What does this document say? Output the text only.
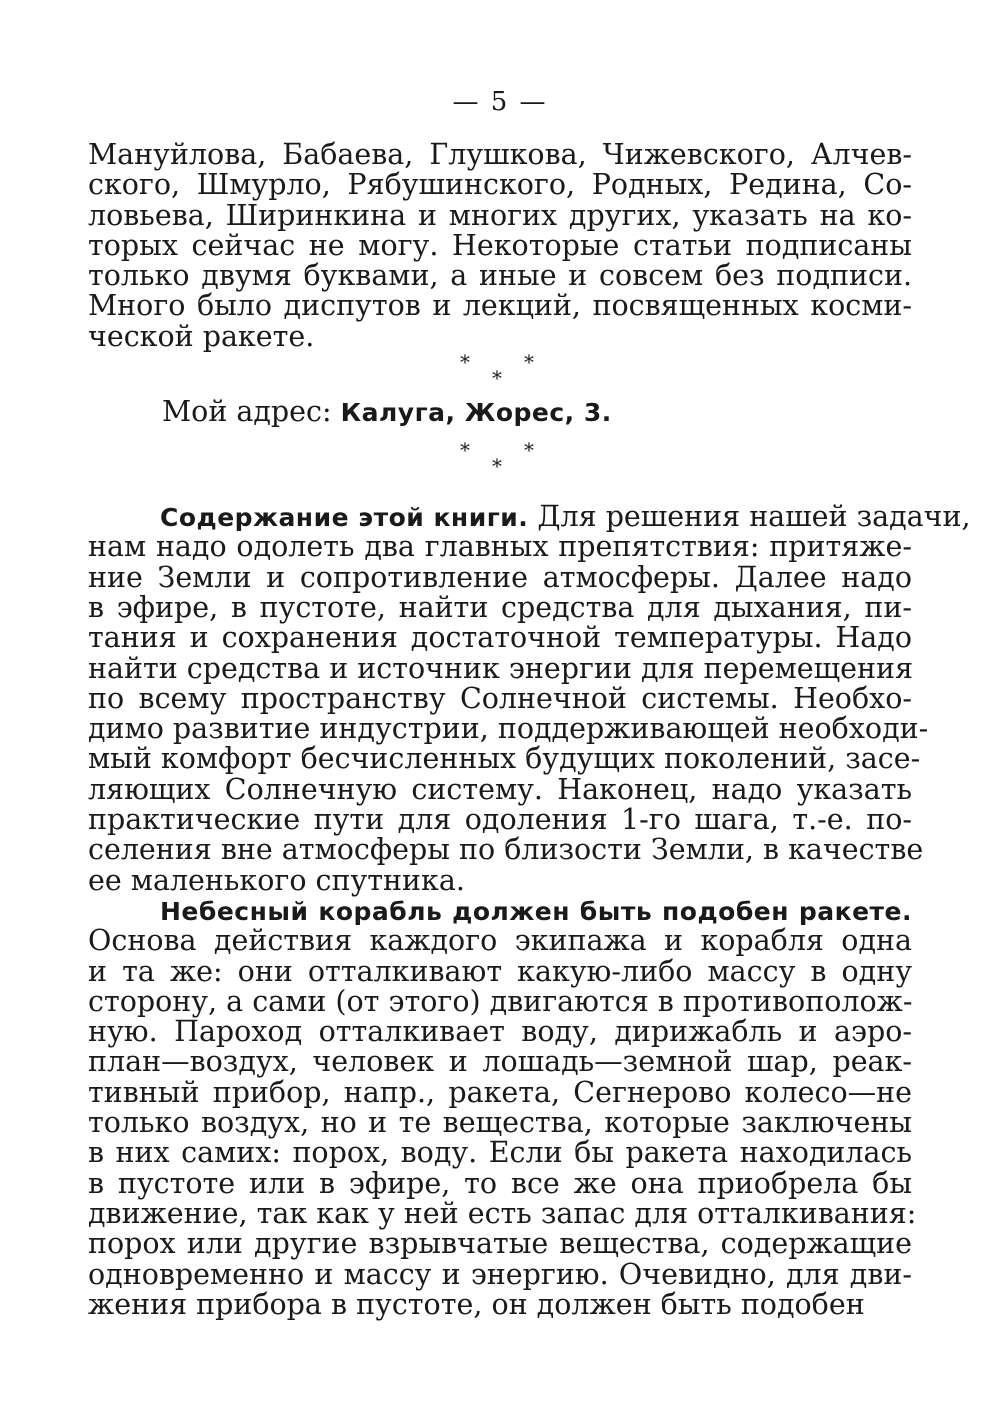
— 5 —
Мануйлова, Бабаева, Глушкова, Чижевского, Алчев-
ского, Шмурло, Рябушинского, Родных, Редина, Со-
ловьева, Ширинкина и многих других, указать на ко-
торых сейчас не могу. Некоторые статьи подписаны
только двумя буквами, а иные и совсем без подписи.
Много было диспутов и лекций, посвященных косми-
ческой ракете.
*	*
*
Мой адрес: Калуга, Жорес, 3.
*	*
*
Содержание этой книги. Для решения нашей задачи,
нам надо одолеть два главных препятствия: притяже-
ние Земли и сопротивление атмосферы. Далее надо
в эфире, в пустоте, найти средства для дыхания, пи-
тания и сохранения достаточной температуры. Надо
найти средства и источник энергии для перемещения
по всему пространству Солнечной системы. Необхо-
димо развитие индустрии, поддерживающей необходи-
мый комфорт бесчисленных будущих поколений, засе-
ляющих Солнечную систему. Наконец, надо указать
практические пути для одоления 1-го шага, т.-е. по-
селения вне атмосферы по близости Земли, в качестве
ее маленького спутника.
Небесный корабль должен быть подобен ракете.
Основа действия каждого экипажа и корабля одна
и та же: они отталкивают какую-либо массу в одну
сторону, а сами (от этого) двигаются в противополож-
ную. Пароход отталкивает воду, дирижабль и аэро-
план—воздух, человек и лошадь—земной шар, реак-
тивный прибор, напр., ракета, Сегнерово колесо—не
только воздух, но и те вещества, которые заключены
в них самих: порох, воду. Если бы ракета находилась
в пустоте или в эфире, то все же она приобрела бы
движение, так как у ней есть запас для отталкивания:
порох или другие взрывчатые вещества, содержащие
одновременно и массу и энергию. Очевидно, для дви-
жения прибора в пустоте, он должен быть подобен
